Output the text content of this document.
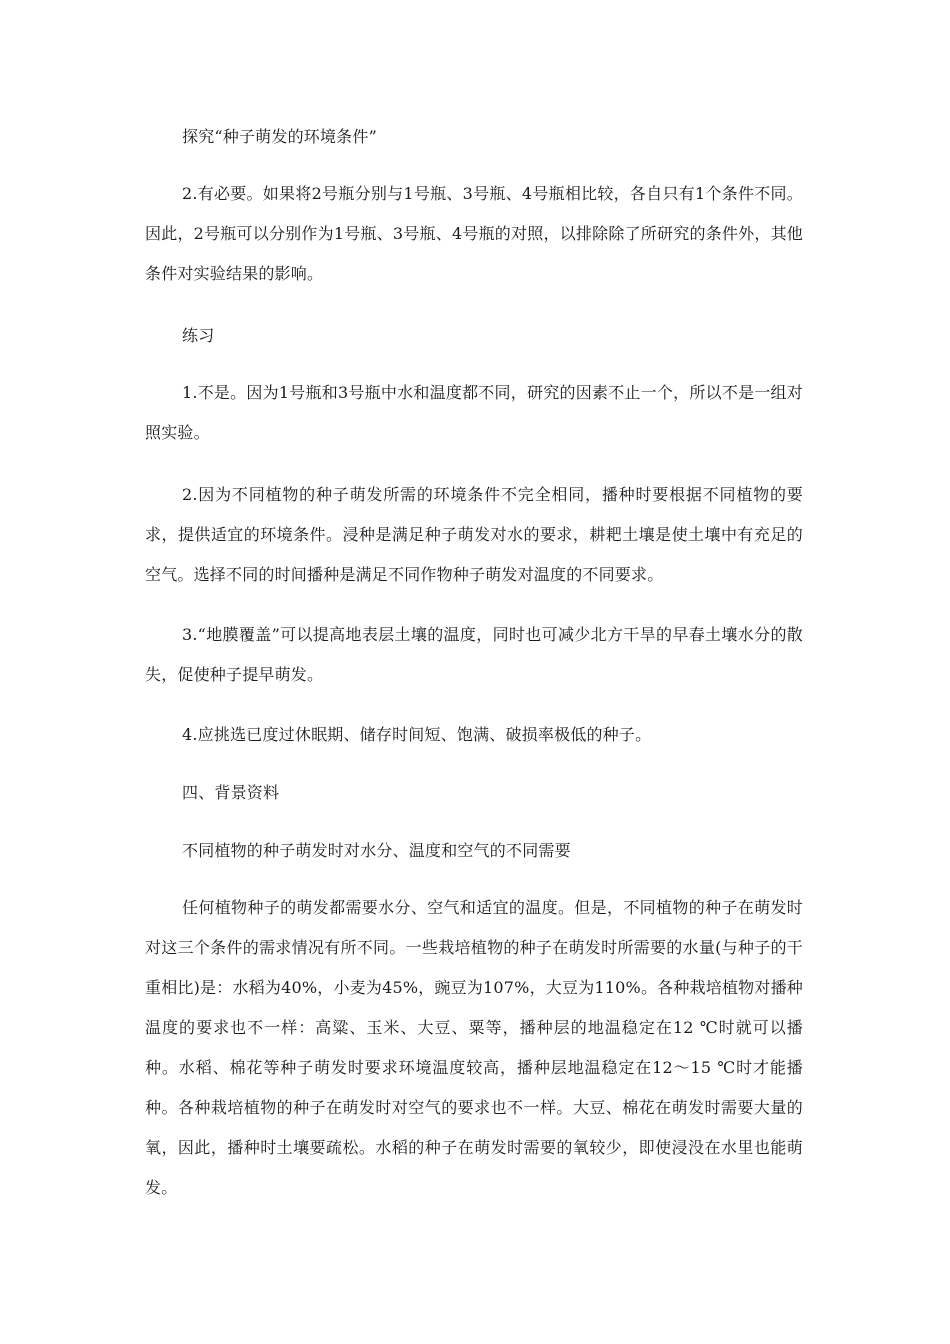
探究“种子萌发的环境条件”

2.有必要。如果将2号瓶分别与1号瓶、3号瓶、4号瓶相比较，各自只有1个条件不同。因此，2号瓶可以分别作为1号瓶、3号瓶、4号瓶的对照，以排除除了所研究的条件外，其他条件对实验结果的影响。

练习

1.不是。因为1号瓶和3号瓶中水和温度都不同，研究的因素不止一个，所以不是一组对照实验。

2.因为不同植物的种子萌发所需的环境条件不完全相同，播种时要根据不同植物的要求，提供适宜的环境条件。浸种是满足种子萌发对水的要求，耕耙土壤是使土壤中有充足的空气。选择不同的时间播种是满足不同作物种子萌发对温度的不同要求。

3.“地膜覆盖”可以提高地表层土壤的温度，同时也可减少北方干旱的早春土壤水分的散失，促使种子提早萌发。

4.应挑选已度过休眠期、储存时间短、饱满、破损率极低的种子。

四、背景资料

不同植物的种子萌发时对水分、温度和空气的不同需要

任何植物种子的萌发都需要水分、空气和适宜的温度。但是，不同植物的种子在萌发时对这三个条件的需求情况有所不同。一些栽培植物的种子在萌发时所需要的水量(与种子的干重相比)是：水稻为40%，小麦为45%，豌豆为107%，大豆为110%。各种栽培植物对播种温度的要求也不一样：高粱、玉米、大豆、粟等，播种层的地温稳定在12 ℃时就可以播种。水稻、棉花等种子萌发时要求环境温度较高，播种层地温稳定在12～15 ℃时才能播种。各种栽培植物的种子在萌发时对空气的要求也不一样。大豆、棉花在萌发时需要大量的氧，因此，播种时土壤要疏松。水稻的种子在萌发时需要的氧较少，即使浸没在水里也能萌发。
